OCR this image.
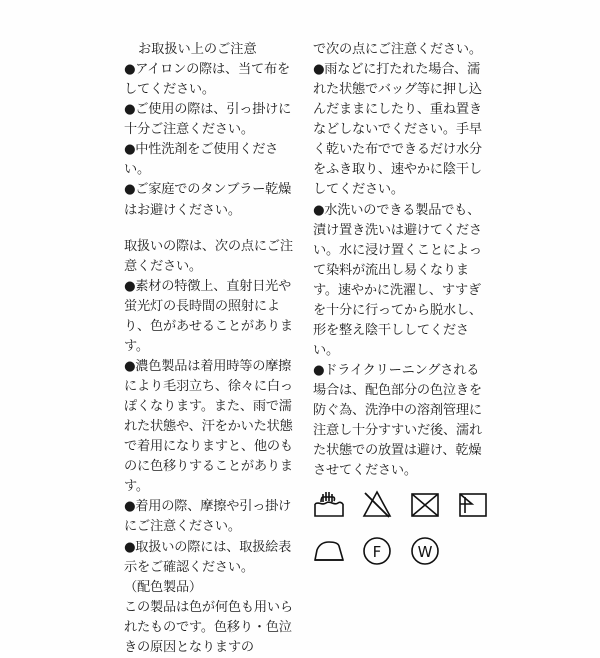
お取扱い上のご注意
●アイロンの際は、当て布をしてください。
●ご使用の際は、引っ掛けに十分ご注意ください。
●中性洗剤をご使用ください。
●ご家庭でのタンブラー乾燥はお避けください。
取扱いの際は、次の点にご注意ください。
●素材の特徴上、直射日光や蛍光灯の長時間の照射により、色があせることがあります。
●濃色製品は着用時等の摩擦により毛羽立ち、徐々に白っぽくなります。また、雨で濡れた状態や、汗をかいた状態で着用になりますと、他のものに色移りすることがあります。
●着用の際、摩擦や引っ掛けにご注意ください。
●取扱いの際には、取扱絵表示をご確認ください。
（配色製品）
この製品は色が何色も用いられたものです。色移り・色泣きの原因となりますの
で次の点にご注意ください。
●雨などに打たれた場合、濡れた状態でバッグ等に押し込んだままにしたり、重ね置きなどしないでください。手早く乾いた布でできるだけ水分をふき取り、速やかに陰干ししてください。
●水洗いのできる製品でも、漬け置き洗いは避けてください。水に浸け置くことによって染料が流出し易くなります。速やかに洗濯し、すすぎを十分に行ってから脱水し、形を整え陰干ししてください。
●ドライクリーニングされる場合は、配色部分の色泣きを防ぐ為、洗浄中の溶剤管理に注意し十分すすいだ後、濡れた状態での放置は避け、乾燥させてください。
F W
